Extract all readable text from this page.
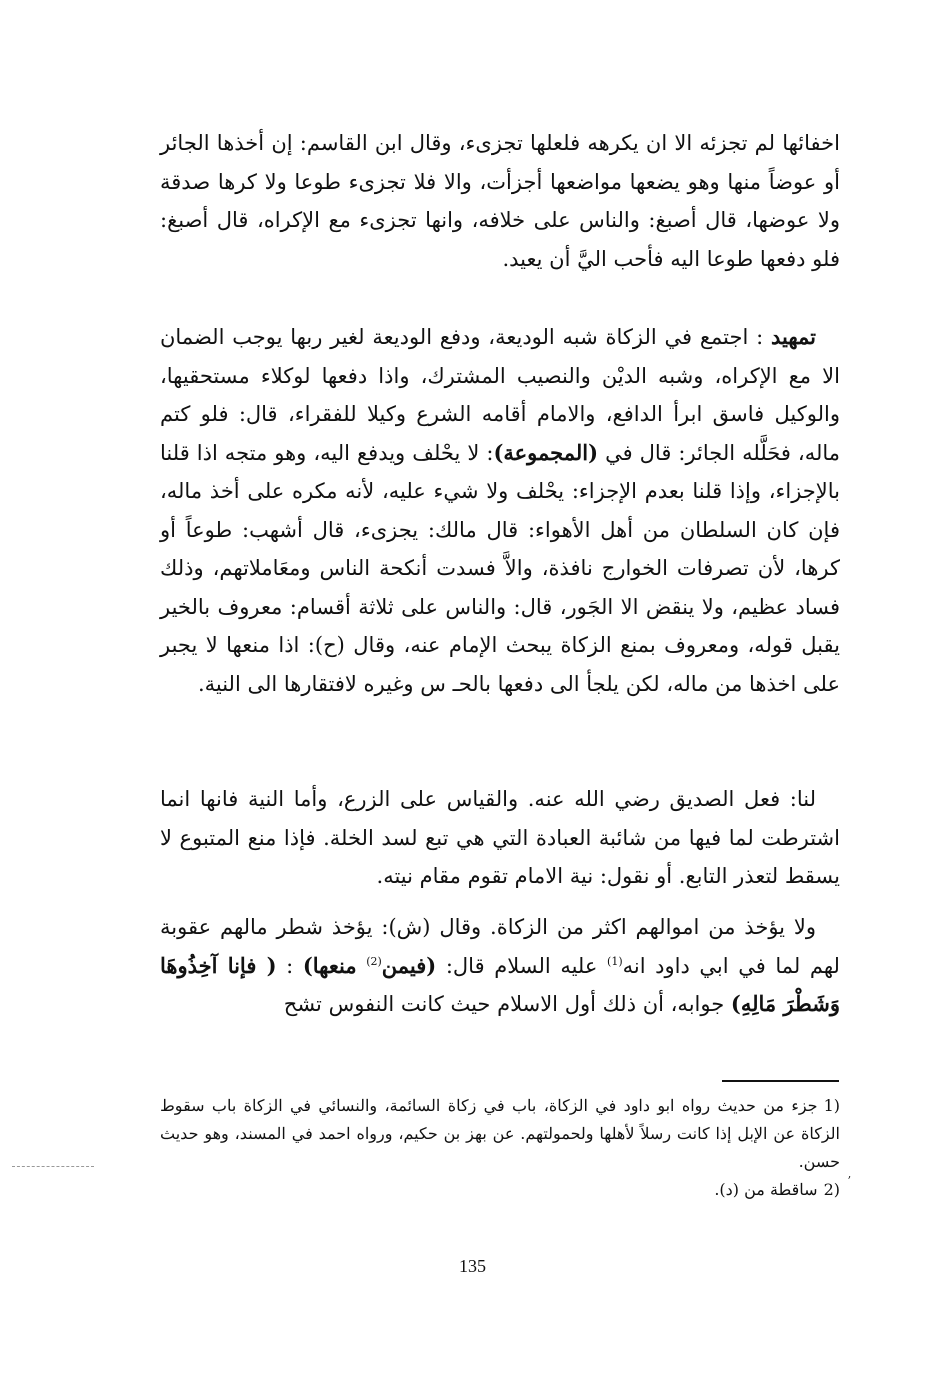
اخفائها لم تجزئه الا ان يكرهه فلعلها تجزىء، وقال ابن القاسم: إن أخذها الجائر أو عوضاً منها وهو يضعها مواضعها أجزأت، والا فلا تجزىء طوعا ولا كرها صدقة ولا عوضها، قال أصبغ: والناس على خلافه، وانها تجزىء مع الإكراه، قال أصبغ: فلو دفعها طوعا اليه فأحب اليَّ أن يعيد.

تمهيد : اجتمع في الزكاة شبه الوديعة، ودفع الوديعة لغير ربها يوجب الضمان الا مع الإكراه، وشبه الديْن والنصيب المشترك، واذا دفعها لوكلاء مستحقيها، والوكيل فاسق ابرأ الدافع، والامام أقامه الشرع وكيلا للفقراء، قال: فلو كتم ماله، فحَلَّله الجائر: قال في (المجموعة): لا يحْلف ويدفع اليه، وهو متجه اذا قلنا بالإجزاء، وإذا قلنا بعدم الإجزاء: يحْلف ولا شيء عليه، لأنه مكره على أخذ ماله، فإن كان السلطان من أهل الأهواء: قال مالك: يجزىء، قال أشهب: طوعاً أو كرها، لأن تصرفات الخوارج نافذة، والاَّ فسدت أنكحة الناس ومعَاملاتهم، وذلك فساد عظيم، ولا ينقض الا الجَور، قال: والناس على ثلاثة أقسام: معروف بالخير يقبل قوله، ومعروف بمنع الزكاة يبحث الإمام عنه، وقال (ح): اذا منعها لا يجبر على اخذها من ماله، لكن يلجأ الى دفعها بالحـ س وغيره لافتقارها الى النية.

لنا: فعل الصديق رضي الله عنه. والقياس على الزرع، وأما النية فانها انما اشترطت لما فيها من شائبة العبادة التي هي تبع لسد الخلة. فإذا منع المتبوع لا يسقط لتعذر التابع. أو نقول: نية الامام تقوم مقام نيته.

ولا يؤخذ من اموالهم اكثر من الزكاة. وقال (ش): يؤخذ شطر مالهم عقوبة لهم لما في ابي داود انه$^{(1)}$ عليه السلام قال: (فيمن$^{(2)}$ منعها) : ( فإنا آخِذُوهَا وَشَطْرَ مَالِهِ) جوابه، أن ذلك أول الاسلام حيث كانت النفوس تشح

1)جزء من حديث رواه ابو داود في الزكاة، باب في زكاة السائمة، والنسائي في الزكاة باب سقوط الزكاة عن الإبل إذا كانت رسلاً لأهلها ولحمولتهم. عن بهز بن حكيم، ورواه احمد في المسند، وهو حديث حسن.

2)ساقطة من (د).	ʼ
135
